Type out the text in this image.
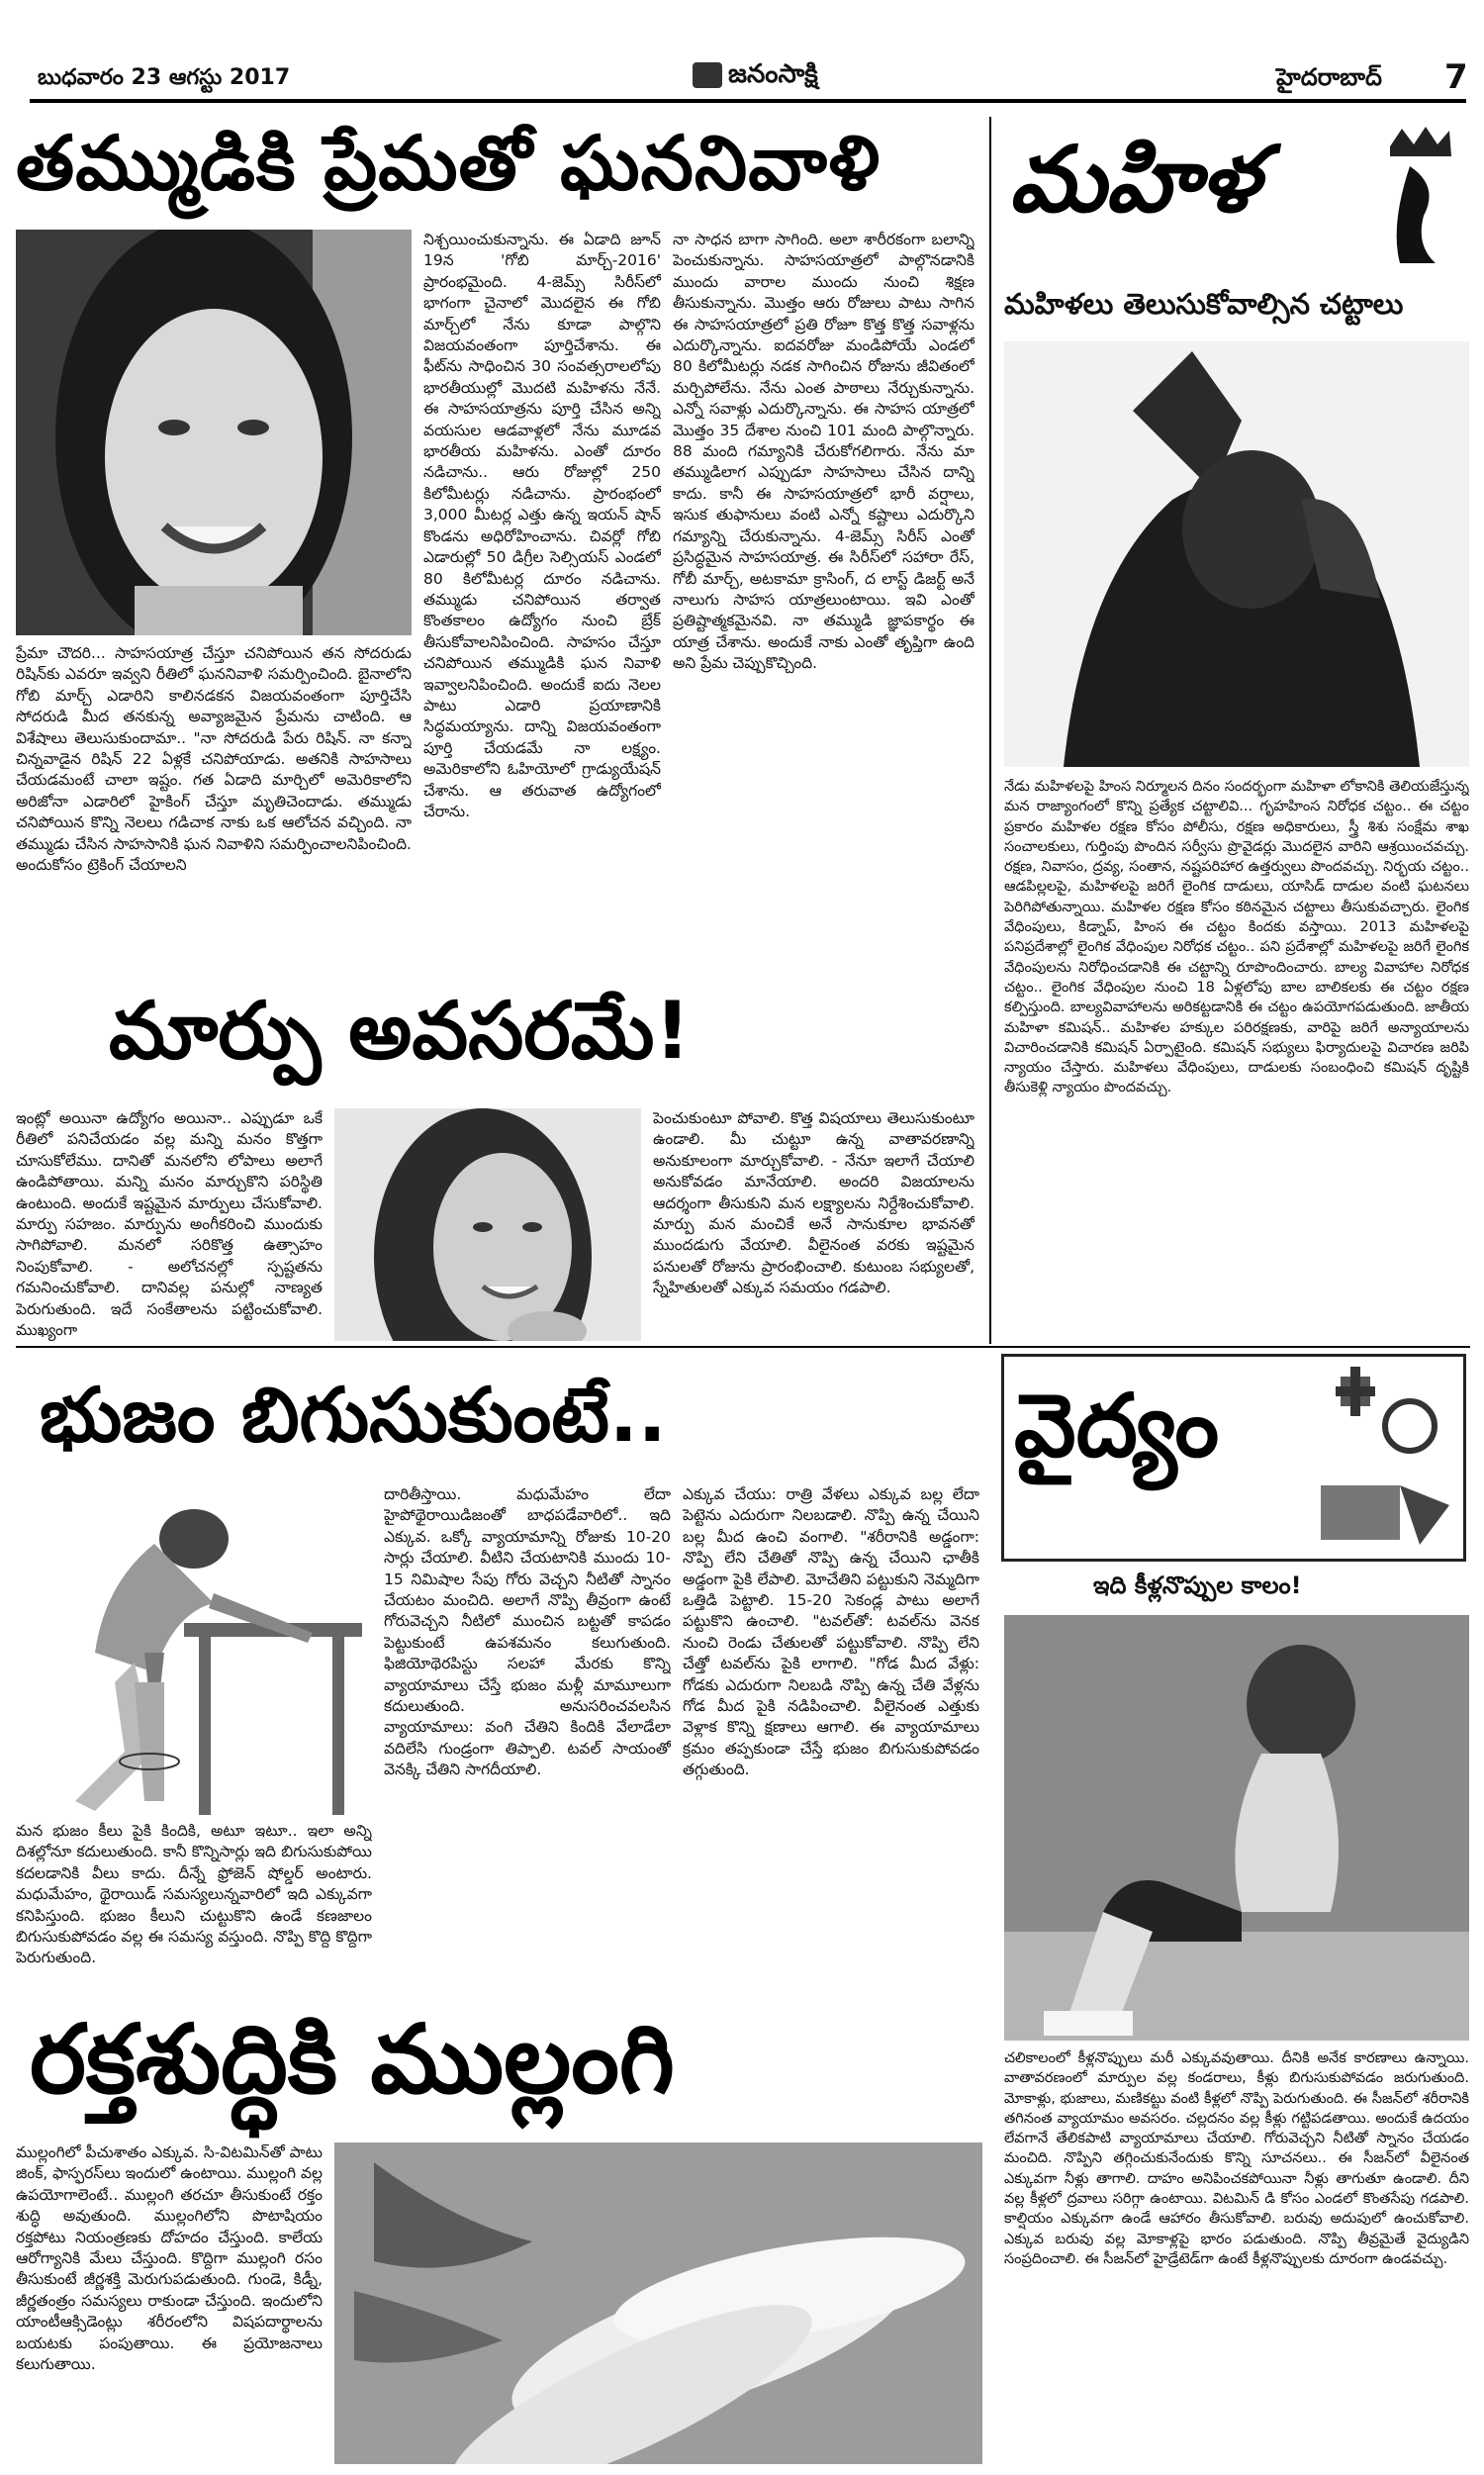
బుధవారం 23 ఆగస్టు 2017	జనంసాక్షి	హైదరాబాద్ 7
తమ్ముడికి ప్రేమతో ఘననివాళి
ప్రేమా చౌదరి... సాహసయాత్ర చేస్తూ చనిపోయిన తన సోదరుడు రిషిన్‌కు ఎవరూ ఇవ్వని రీతిలో ఘననివాళి సమర్పించింది. బైనాలోని గోబి మార్చ్‌ ఎడారిని కాలినడకన విజయవంతంగా పూర్తిచేసి సోదరుడి మీద తనకున్న అవ్యాజమైన ప్రేమను చాటింది. ఆ విశేషాలు తెలుసుకుందామా.. "నా సోదరుడి పేరు రిషిన్‌. నా కన్నా చిన్నవాడైన రిషిన్‌ 22 ఏళ్లకే చనిపోయాడు. అతనికి సాహసాలు చేయడమంటే చాలా ఇష్టం. గత ఏడాది మార్చిలో అమెరికాలోని అరిజోనా ఎడారిలో హైకింగ్‌ చేస్తూ మృతిచెందాడు. తమ్ముడు చనిపోయిన కొన్ని నెలలు గడిచాక నాకు ఒక ఆలోచన వచ్చింది. నా తమ్ముడు చేసిన సాహసానికి ఘన నివాళిని సమర్పించాలనిపించింది. అందుకోసం ట్రెకింగ్‌ చేయాలని
నిశ్చయించుకున్నాను. ఈ ఏడాది జూన్‌ 19న 'గోబి మార్చ్‌-2016' ప్రారంభమైంది. 4-జెమ్స్‌ సిరీస్‌లో భాగంగా చైనాలో మొదలైన ఈ గోబి మార్చ్‌లో నేను కూడా పాల్గొని విజయవంతంగా పూర్తిచేశాను. ఈ ఫీట్‌ను సాధించిన 30 సంవత్సరాలలోపు భారతీయుల్లో మొదటి మహిళను నేనే. ఈ సాహసయాత్రను పూర్తి చేసిన అన్ని వయసుల ఆడవాళ్లలో నేను మూడవ భారతీయ మహిళను. ఎంతో దూరం నడిచాను.. ఆరు రోజుల్లో 250 కిలోమీటర్లు నడిచాను. ప్రారంభంలో 3,000 మీటర్ల ఎత్తు ఉన్న ఇయన్‌ షాన్‌ కొండను అధిరోహించాను. చివర్లో గోబి ఎడారుల్లో 50 డిగ్రీల సెల్సియస్‌ ఎండలో 80 కిలోమీటర్ల దూరం నడిచాను. తమ్ముడు చనిపోయిన తర్వాత కొంతకాలం ఉద్యోగం నుంచి బ్రేక్‌ తీసుకోవాలనిపించింది. సాహసం చేస్తూ చనిపోయిన తమ్ముడికి ఘన నివాళి ఇవ్వాలనిపించింది. అందుకే ఐదు నెలల పాటు ఎడారి ప్రయాణానికి సిద్ధమయ్యాను. దాన్ని విజయవంతంగా పూర్తి చేయడమే నా లక్ష్యం. అమెరికాలోని ఓహియోలో గ్రాడ్యుయేషన్‌ చేశాను. ఆ తరువాత ఉద్యోగంలో చేరాను.
నా సాధన బాగా సాగింది. అలా శారీరకంగా బలాన్ని పెంచుకున్నాను. సాహసయాత్రలో పాల్గొనడానికి ముందు వారాల ముందు నుంచి శిక్షణ తీసుకున్నాను. మొత్తం ఆరు రోజులు పాటు సాగిన ఈ సాహసయాత్రలో ప్రతి రోజూ కొత్త కొత్త సవాళ్లను ఎదుర్కొన్నాను. ఐదవరోజు మండిపోయే ఎండలో 80 కిలోమీటర్లు నడక సాగించిన రోజును జీవితంలో మర్చిపోలేను. నేను ఎంత పాఠాలు నేర్చుకున్నాను. ఎన్నో సవాళ్లు ఎదుర్కొన్నాను. ఈ సాహస యాత్రలో మొత్తం 35 దేశాల నుంచి 101 మంది పాల్గొన్నారు. 88 మంది గమ్యానికి చేరుకోగలిగారు. నేను మా తమ్ముడిలాగ ఎప్పుడూ సాహసాలు చేసిన దాన్ని కాదు. కానీ ఈ సాహసయాత్రలో భారీ వర్షాలు, ఇసుక తుఫానులు వంటి ఎన్నో కష్టాలు ఎదుర్కొని గమ్యాన్ని చేరుకున్నాను. 4-జెమ్స్‌ సిరీస్‌ ఎంతో ప్రసిద్ధమైన సాహసయాత్ర. ఈ సిరీస్‌లో సహారా రేస్‌, గోబీ మార్చ్‌, అటకామా క్రాసింగ్‌, ద లాస్ట్‌ డిజర్ట్‌ అనే నాలుగు సాహస యాత్రలుంటాయి. ఇవి ఎంతో ప్రతిష్టాత్మకమైనవి. నా తమ్ముడి జ్ఞాపకార్థం ఈ యాత్ర చేశాను. అందుకే నాకు ఎంతో తృప్తిగా ఉంది అని ప్రేమ చెప్పుకొచ్చింది.
మార్పు అవసరమే!
ఇంట్లో అయినా ఉద్యోగం అయినా.. ఎప్పుడూ ఒకే రీతిలో పనిచేయడం వల్ల మన్ని మనం కొత్తగా చూసుకోలేము. దానితో మనలోని లోపాలు అలాగే ఉండిపోతాయి. మన్ని మనం మార్చుకొని పరిస్థితి ఉంటుంది. అందుకే ఇష్టమైన మార్పులు చేసుకోవాలి. మార్పు సహజం. మార్పును అంగీకరించి ముందుకు సాగిపోవాలి. మనలో సరికొత్త ఉత్సాహం నింపుకోవాలి. - అలోచనల్లో స్పష్టతను గమనించుకోవాలి. దానివల్ల పనుల్లో నాణ్యత పెరుగుతుంది. ఇదే సంకేతాలను పట్టించుకోవాలి. ముఖ్యంగా
పెంచుకుంటూ పోవాలి. కొత్త విషయాలు తెలుసుకుంటూ ఉండాలి. మీ చుట్టూ ఉన్న వాతావరణాన్ని అనుకూలంగా మార్చుకోవాలి. - నేనూ ఇలాగే చేయాలి అనుకోవడం మానేయాలి. అందరి విజయాలను ఆదర్శంగా తీసుకుని మన లక్ష్యాలను నిర్దేశించుకోవాలి. మార్పు మన మంచికే అనే సానుకూల భావనతో ముందడుగు వేయాలి. వీలైనంత వరకు ఇష్టమైన పనులతో రోజును ప్రారంభించాలి. కుటుంబ సభ్యులతో, స్నేహితులతో ఎక్కువ సమయం గడపాలి.
మహిళ
మహిళలు తెలుసుకోవాల్సిన చట్టాలు
నేడు మహిళలపై హింస నిర్మూలన దినం సందర్భంగా మహిళా లోకానికి తెలియజేస్తున్న మన రాజ్యాంగంలో కొన్ని ప్రత్యేక చట్టాలివి... గృహహింస నిరోధక చట్టం.. ఈ చట్టం ప్రకారం మహిళల రక్షణ కోసం పోలీసు, రక్షణ అధికారులు, స్త్రీ శిశు సంక్షేమ శాఖ సంచాలకులు, గుర్తింపు పొందిన సర్వీసు ప్రొవైడర్లు మొదలైన వారిని ఆశ్రయించవచ్చు. రక్షణ, నివాసం, ద్రవ్య, సంతాన, నష్టపరిహార ఉత్తర్వులు పొందవచ్చు. నిర్భయ చట్టం.. ఆడపిల్లలపై, మహిళలపై జరిగే లైంగిక దాడులు, యాసిడ్‌ దాడుల వంటి ఘటనలు పెరిగిపోతున్నాయి. మహిళల రక్షణ కోసం కఠినమైన చట్టాలు తీసుకువచ్చారు. లైంగిక వేధింపులు, కిడ్నాప్‌, హింస ఈ చట్టం కిందకు వస్తాయి. 2013 మహిళలపై పనిప్రదేశాల్లో లైంగిక వేధింపుల నిరోధక చట్టం.. పని ప్రదేశాల్లో మహిళలపై జరిగే లైంగిక వేధింపులను నిరోధించడానికి ఈ చట్టాన్ని రూపొందించారు. బాల్య వివాహాల నిరోధక చట్టం.. లైంగిక వేధింపుల నుంచి 18 ఏళ్లలోపు బాల బాలికలకు ఈ చట్టం రక్షణ కల్పిస్తుంది. బాల్యవివాహాలను అరికట్టడానికి ఈ చట్టం ఉపయోగపడుతుంది. జాతీయ మహిళా కమిషన్‌.. మహిళల హక్కుల పరిరక్షణకు, వారిపై జరిగే అన్యాయాలను విచారించడానికి కమిషన్‌ ఏర్పాటైంది. కమిషన్‌ సభ్యులు ఫిర్యాదులపై విచారణ జరిపి న్యాయం చేస్తారు. మహిళలు వేధింపులు, దాడులకు సంబంధించి కమిషన్‌ దృష్టికి తీసుకెళ్లి న్యాయం పొందవచ్చు.
భుజం బిగుసుకుంటే..
మన భుజం కీలు పైకి కిందికి, అటూ ఇటూ.. ఇలా అన్ని దిశల్లోనూ కదులుతుంది. కానీ కొన్నిసార్లు ఇది బిగుసుకుపోయి కదలడానికి వీలు కాదు. దీన్నే ఫ్రోజెన్‌ షోల్డర్‌ అంటారు. మధుమేహం, థైరాయిడ్‌ సమస్యలున్నవారిలో ఇది ఎక్కువగా కనిపిస్తుంది. భుజం కీలుని చుట్టుకొని ఉండే కణజాలం బిగుసుకుపోవడం వల్ల ఈ సమస్య వస్తుంది. నొప్పి కొద్ది కొద్దిగా పెరుగుతుంది.
దారితీస్తాయి. మధుమేహం లేదా హైపోథైరాయిడిజంతో బాధపడేవారిలో.. ఇది ఎక్కువ. ఒక్కో వ్యాయామాన్ని రోజుకు 10-20 సార్లు చేయాలి. వీటిని చేయటానికి ముందు 10-15 నిమిషాల సేపు గోరు వెచ్చని నీటితో స్నానం చేయటం మంచిది. అలాగే నొప్పి తీవ్రంగా ఉంటే గోరువెచ్చని నీటిలో ముంచిన బట్టతో కాపడం పెట్టుకుంటే ఉపశమనం కలుగుతుంది. ఫిజియోథెరపిస్టు సలహా మేరకు కొన్ని వ్యాయామాలు చేస్తే భుజం మళ్లీ మామూలుగా కదులుతుంది. అనుసరించవలసిన వ్యాయామాలు: వంగి చేతిని కిందికి వేలాడేలా వదిలేసి గుండ్రంగా తిప్పాలి. టవల్‌ సాయంతో వెనక్కి చేతిని సాగదీయాలి.
ఎక్కువ చేయు: రాత్రి వేళలు ఎక్కువ బల్ల లేదా పెట్టెను ఎదురుగా నిలబడాలి. నొప్పి ఉన్న చేయిని బల్ల మీద ఉంచి వంగాలి. "శరీరానికి అడ్డంగా: నొప్పి లేని చేతితో నొప్పి ఉన్న చేయిని ఛాతీకి అడ్డంగా పైకి లేపాలి. మోచేతిని పట్టుకుని నెమ్మదిగా ఒత్తిడి పెట్టాలి. 15-20 సెకండ్ల పాటు అలాగే పట్టుకొని ఉంచాలి. "టవల్‌తో: టవల్‌ను వెనక నుంచి రెండు చేతులతో పట్టుకోవాలి. నొప్పి లేని చేత్తో టవల్‌ను పైకి లాగాలి. "గోడ మీద వేళ్లు: గోడకు ఎదురుగా నిలబడి నొప్పి ఉన్న చేతి వేళ్లను గోడ మీద పైకి నడిపించాలి. వీలైనంత ఎత్తుకు వెళ్లాక కొన్ని క్షణాలు ఆగాలి. ఈ వ్యాయామాలు క్రమం తప్పకుండా చేస్తే భుజం బిగుసుకుపోవడం తగ్గుతుంది.
వైద్యం
ఇది కీళ్లనొప్పుల కాలం!
చలికాలంలో కీళ్లనొప్పులు మరీ ఎక్కువవుతాయి. దీనికి అనేక కారణాలు ఉన్నాయి. వాతావరణంలో మార్పుల వల్ల కండరాలు, కీళ్లు బిగుసుకుపోవడం జరుగుతుంది. మోకాళ్లు, భుజాలు, మణికట్టు వంటి కీళ్లలో నొప్పి పెరుగుతుంది. ఈ సీజన్‌లో శరీరానికి తగినంత వ్యాయామం అవసరం. చల్లదనం వల్ల కీళ్లు గట్టిపడతాయి. అందుకే ఉదయం లేవగానే తేలికపాటి వ్యాయామాలు చేయాలి. గోరువెచ్చని నీటితో స్నానం చేయడం మంచిది. నొప్పిని తగ్గించుకునేందుకు కొన్ని సూచనలు.. ఈ సీజన్‌లో వీలైనంత ఎక్కువగా నీళ్లు తాగాలి. దాహం అనిపించకపోయినా నీళ్లు తాగుతూ ఉండాలి. దీని వల్ల కీళ్లలో ద్రవాలు సరిగ్గా ఉంటాయి. విటమిన్‌ డి కోసం ఎండలో కొంతసేపు గడపాలి. కాల్షియం ఎక్కువగా ఉండే ఆహారం తీసుకోవాలి. బరువు అదుపులో ఉంచుకోవాలి. ఎక్కువ బరువు వల్ల మోకాళ్లపై భారం పడుతుంది. నొప్పి తీవ్రమైతే వైద్యుడిని సంప్రదించాలి. ఈ సీజన్‌లో హైడ్రేటెడ్‌గా ఉంటే కీళ్లనొప్పులకు దూరంగా ఉండవచ్చు.
రక్తశుద్ధికి ముల్లంగి
ముల్లంగిలో పీచుశాతం ఎక్కువ. సి-విటమిన్‌తో పాటు జింక్‌, ఫాస్ఫరస్‌లు ఇందులో ఉంటాయి. ముల్లంగి వల్ల ఉపయోగాలెంటే.. ముల్లంగి తరచూ తీసుకుంటే రక్తం శుద్ధి అవుతుంది. ముల్లంగిలోని పొటాషియం రక్తపోటు నియంత్రణకు దోహదం చేస్తుంది. కాలేయ ఆరోగ్యానికి మేలు చేస్తుంది. కొద్దిగా ముల్లంగి రసం తీసుకుంటే జీర్ణశక్తి మెరుగుపడుతుంది. గుండె, కిడ్నీ, జీర్ణతంత్రం సమస్యలు రాకుండా చేస్తుంది. ఇందులోని యాంటీఆక్సిడెంట్లు శరీరంలోని విషపదార్థాలను బయటకు పంపుతాయి. ఈ ప్రయోజనాలు కలుగుతాయి.
